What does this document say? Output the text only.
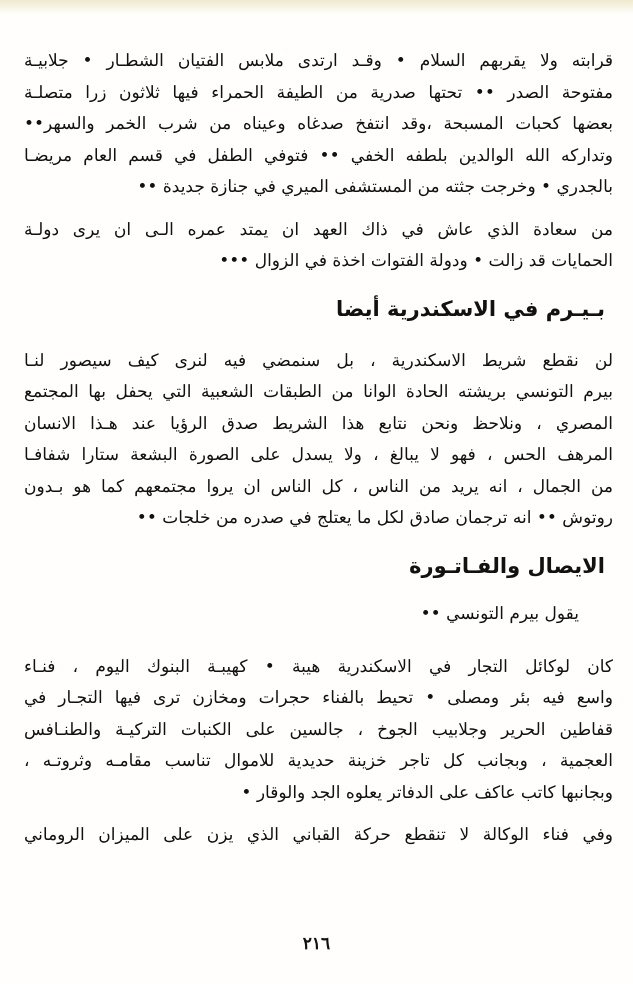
قرابته ولا يقربهم السلام • وقـد ارتدى ملابس الفتيان الشطـار • جلابيـة

مفتوحة الصدر •• تحتها صدرية من الطيفة الحمراء فيها ثلاثون زرا متصلـة

بعضها كحبات المسبحة ،وقد انتفخ صدغاه وعيناه من شرب الخمر والسهر••

وتداركه الله الوالدين بلطفه الخفي •• فتوفي الطفل في قسم العام مريضـا

بالجدري • وخرجت جثته من المستشفى الميري في جنازة جديدة ••

من سعادة الذي عاش في ذاك العهد ان يمتد عمره الـى ان يرى دولـة

الحمايات قد زالت • ودولة الفتوات اخذة في الزوال •••

بـيـرم في الاسكندرية أيضا

لن نقطع شريط الاسكندرية ، بل سنمضي فيه لنرى كيف سيصور لنـا

بيرم التونسي بريشته الحادة الوانا من الطبقات الشعبية التي يحفل بها المجتمع

المصري ، ونلاحظ ونحن نتابع هذا الشريط صدق الرؤيا عند هـذا الانسان

المرهف الحس ، فهو لا يبالغ ، ولا يسدل على الصورة البشعة ستارا شفافـا

من الجمال ، انه يريد من الناس ، كل الناس ان يروا مجتمعهم كما هو بـدون

روتوش •• انه ترجمان صادق لكل ما يعتلج في صدره من خلجات ••

الايصال والفـاتـورة
يقول بيرم التونسي ••

كان لوكائل التجار في الاسكندرية هيبة • كهيبـة البنوك اليوم ، فنـاء

واسع فيه بئر ومصلى • تحيط بالفناء حجرات ومخازن ترى فيها التجـار في

قفاطين الحرير وجلابيب الجوخ ، جالسين على الكنبات التركيـة والطنـافس

العجمية ، وبجانب كل تاجر خزينة حديدية للاموال تناسب مقامـه وثروتـه ،

وبجانبها كاتب عاكف على الدفاتر يعلوه الجد والوقار •

وفي فناء الوكالة لا تنقطع حركة القباني الذي يزن على الميزان الروماني

٢١٦
